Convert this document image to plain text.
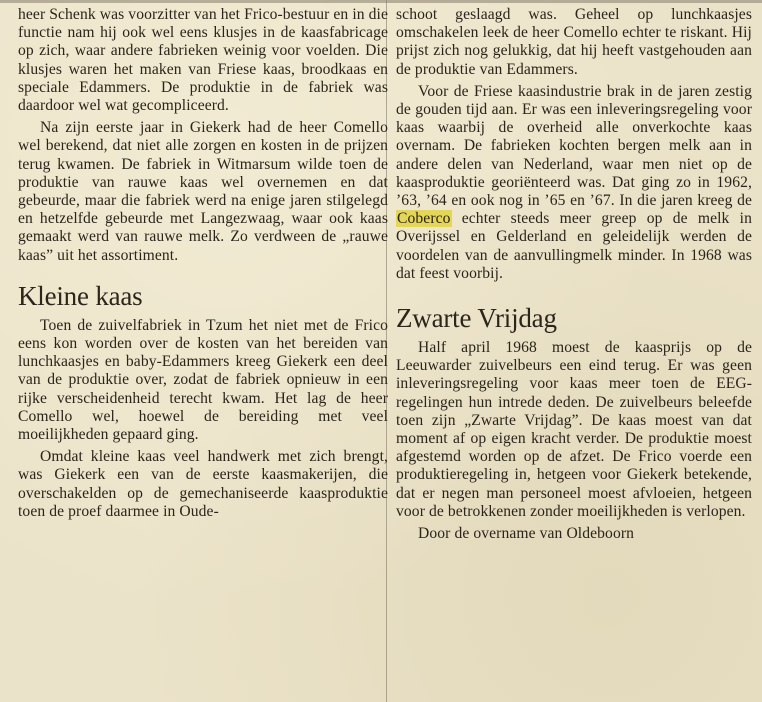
heer Schenk was voorzitter van het Frico-bestuur en in die functie nam hij ook wel eens klusjes in de kaasfabricage op zich, waar andere fabrieken weinig voor voelden. Die klusjes waren het maken van Friese kaas, broodkaas en speciale Edammers. De produktie in de fabriek was daardoor wel wat gecompliceerd.

Na zijn eerste jaar in Giekerk had de heer Comello wel berekend, dat niet alle zorgen en kosten in de prijzen terug kwamen. De fabriek in Witmarsum wilde toen de produktie van rauwe kaas wel overnemen en dat gebeurde, maar die fabriek werd na enige jaren stilgelegd en hetzelfde gebeurde met Langezwaag, waar ook kaas gemaakt werd van rauwe melk. Zo verdween de „rauwe kaas” uit het assortiment.

Kleine kaas

Toen de zuivelfabriek in Tzum het niet met de Frico eens kon worden over de kosten van het bereiden van lunchkaasjes en baby-Edammers kreeg Giekerk een deel van de produktie over, zodat de fabriek opnieuw in een rijke verscheidenheid terecht kwam. Het lag de heer Comello wel, hoewel de bereiding met veel moeilijkheden gepaard ging.

Omdat kleine kaas veel handwerk met zich brengt, was Giekerk een van de eerste kaasmakerijen, die overschakelden op de gemechaniseerde kaasproduktie toen de proef daarmee in Oude-

schoot geslaagd was. Geheel op lunchkaasjes omschakelen leek de heer Comello echter te riskant. Hij prijst zich nog gelukkig, dat hij heeft vastgehouden aan de produktie van Edammers.

Voor de Friese kaasindustrie brak in de jaren zestig de gouden tijd aan. Er was een inleveringsregeling voor kaas waarbij de overheid alle onverkochte kaas overnam. De fabrieken kochten bergen melk aan in andere delen van Nederland, waar men niet op de kaasproduktie georiënteerd was. Dat ging zo in 1962, ’63, ’64 en ook nog in ’65 en ’67. In die jaren kreeg de Coberco echter steeds meer greep op de melk in Overijssel en Gelderland en geleidelijk werden de voordelen van de aanvullingmelk minder. In 1968 was dat feest voorbij.

Zwarte Vrijdag

Half april 1968 moest de kaasprijs op de Leeuwarder zuivelbeurs een eind terug. Er was geen inleveringsregeling voor kaas meer toen de EEG-regelingen hun intrede deden. De zuivelbeurs beleefde toen zijn „Zwarte Vrijdag”. De kaas moest van dat moment af op eigen kracht verder. De produktie moest afgestemd worden op de afzet. De Frico voerde een produktieregeling in, hetgeen voor Giekerk betekende, dat er negen man personeel moest afvloeien, hetgeen voor de betrokkenen zonder moeilijkheden is verlopen.

Door de overname van Oldeboorn
